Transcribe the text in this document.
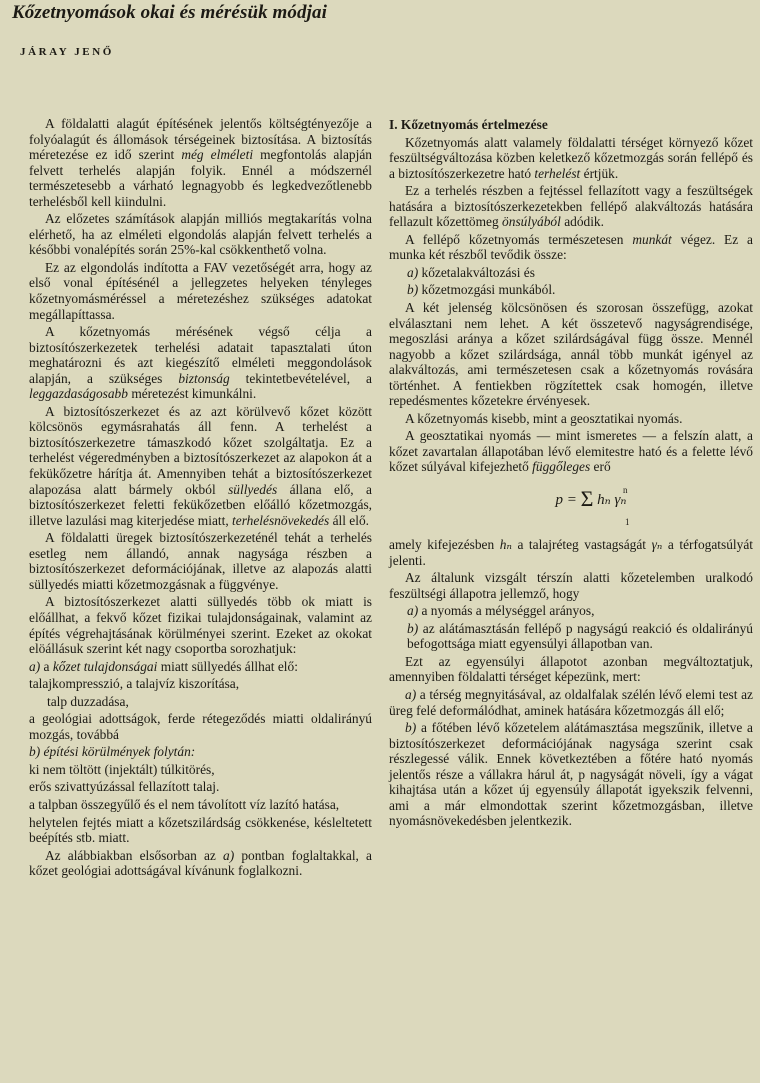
Kőzetnyomások okai és mérésük módjai
JÁRAY JENŐ

A földalatti alagút építésének jelentős költségtényezője a folyóalagút és állomások térségeinek biztosítása. A biztosítás méretezése ez idő szerint még elméleti megfontolás alapján felvett terhelés alapján folyik. Ennél a módszernél természetesebb a várható legnagyobb és legkedvezőtlenebb terhelésből kell kiindulni.

Az előzetes számítások alapján milliós megtakarítás volna elérhető, ha az elméleti elgondolás alapján felvett terhelés a későbbi vonalépítés során 25%-kal csökkenthető volna.

Ez az elgondolás indította a FAV vezetőségét arra, hogy az első vonal építésénél a jellegzetes helyeken tényleges kőzetnyomásméréssel a méretezéshez szükséges adatokat megállapíttassa.

A kőzetnyomás mérésének végső célja a biztosítószerkezetek terhelési adatait tapasztalati úton meghatározni és azt kiegészítő elméleti meggondolások alapján, a szükséges biztonság tekintetbevételével, a leggazdaságosabb méretezést kimunkálni.

A biztosítószerkezet és az azt körülvevő kőzet között kölcsönös egymásrahatás áll fenn. A terhelést a biztosítószerkezetre támaszkodó kőzet szolgáltatja. Ez a terhelést végeredményben a biztosítószerkezet az alapokon át a fekükőzetre hárítja át. Amennyiben tehát a biztosítószerkezet alapozása alatt bármely okból süllyedés állana elő, a biztosítószerkezet feletti fekükőzetben előálló kőzetmozgás, illetve lazulási mag kiterjedése miatt, terhelésnövekedés áll elő.

A földalatti üregek biztosítószerkezeténél tehát a terhelés esetleg nem állandó, annak nagysága részben a biztosítószerkezet deformációjának, illetve az alapozás alatti süllyedés miatti kőzetmozgásnak a függvénye.

A biztosítószerkezet alatti süllyedés több ok miatt is előállhat, a fekvő kőzet fizikai tulajdonságainak, valamint az építés végrehajtásának körülményei szerint. Ezeket az okokat elöállásuk szerint két nagy csoportba sorozhatjuk:

a) a kőzet tulajdonságai miatt süllyedés állhat elő:

talajkompresszió, a talajvíz kiszorítása,

talp duzzadása,

a geológiai adottságok, ferde rétegeződés miatti oldalirányú mozgás, továbbá

b) építési körülmények folytán:

ki nem töltött (injektált) túlkitörés,

erős szivattyúzással fellazított talaj.

a talpban összegyűlő és el nem távolított víz lazító hatása,

helytelen fejtés miatt a kőzetszilárdság csökkenése, késleltetett beépítés stb. miatt.

Az alábbiakban elsősorban az a) pontban foglaltakkal, a kőzet geológiai adottságával kívánunk foglalkozni.

I. Kőzetnyomás értelmezése

Kőzetnyomás alatt valamely földalatti térséget környező kőzet feszültségváltozása közben keletkező kőzetmozgás során fellépő és a biztosítószerkezetre ható terhelést értjük.

Ez a terhelés részben a fejtéssel fellazított vagy a feszültségek hatására a biztosítószerkezetekben fellépő alakváltozás hatására fellazult kőzettömeg önsúlyából adódik.

A fellépő kőzetnyomás természetesen munkát végez. Ez a munka két részből tevődik össze:

a) kőzetalakváltozási és

b) kőzetmozgási munkából.

A két jelenség kölcsönösen és szorosan összefügg, azokat elválasztani nem lehet. A két összetevő nagyságrendisége, megoszlási aránya a kőzet szilárdságával függ össze. Mennél nagyobb a kőzet szilárdsága, annál több munkát igényel az alakváltozás, ami természetesen csak a kőzetnyomás rovására történhet. A fentiekben rögzítettek csak homogén, illetve repedésmentes kőzetekre érvényesek.

A kőzetnyomás kisebb, mint a geosztatikai nyomás.

A geosztatikai nyomás — mint ismeretes — a felszín alatt, a kőzet zavartalan állapotában lévő elemitestre ható és a felette lévő kőzet súlyával kifejezhető függőleges erő

p = Σ	n
1
hₙ γₙ

amely kifejezésben hₙ a talajréteg vastagságát γₙ a térfogatsúlyát jelenti.

Az általunk vizsgált térszín alatti kőzetelemben uralkodó feszültségi állapotra jellemző, hogy

a) a nyomás a mélységgel arányos,

b) az alátámasztásán fellépő p nagyságú reakció és oldalirányú befogottsága miatt egyensúlyi állapotban van.

Ezt az egyensúlyi állapotot azonban megváltoztatjuk, amennyiben földalatti térséget képezünk, mert:

a) a térség megnyitásával, az oldalfalak szélén lévő elemi test az üreg felé deformálódhat, aminek hatására kőzetmozgás áll elő;

b) a főtében lévő kőzetelem alátámasztása megszűnik, illetve a biztosítószerkezet deformációjának nagysága szerint csak részlegessé válik. Ennek következtében a főtére ható nyomás jelentős része a vállakra hárul át, p nagyságát növeli, így a vágat kihajtása után a kőzet új egyensúly állapotát igyekszik felvenni, ami a már elmondottak szerint kőzetmozgásban, illetve nyomásnövekedésben jelentkezik.
